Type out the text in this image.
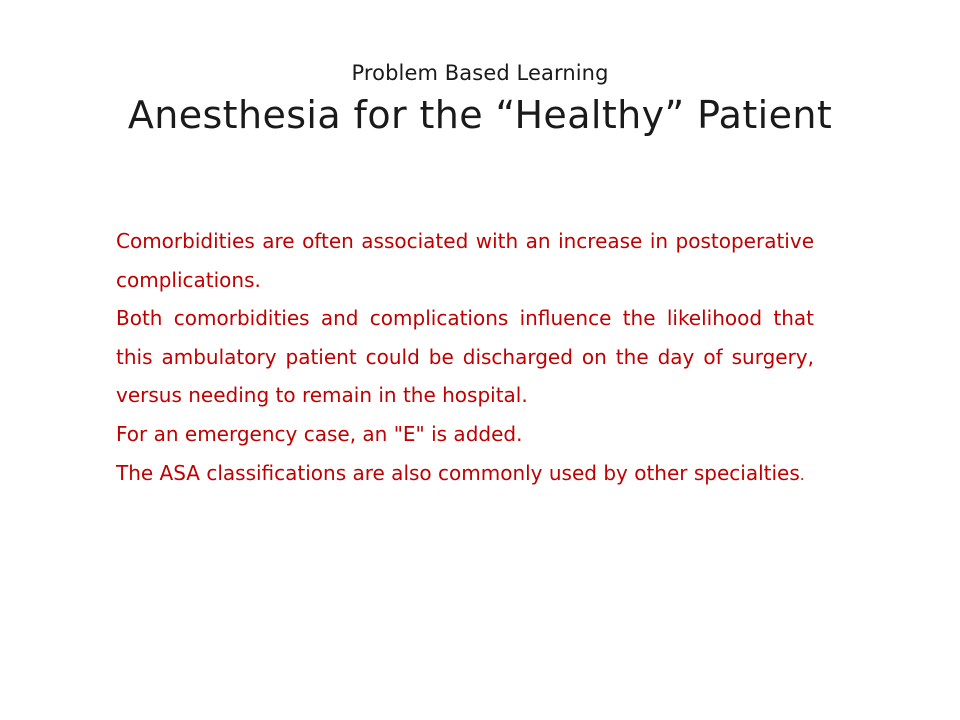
Problem Based Learning
Anesthesia for the “Healthy” Patient

Comorbidities are often associated with an increase in postoperative complications.

Both comorbidities and complications influence the likelihood that this ambulatory patient could be discharged on the day of surgery, versus needing to remain in the hospital.

For an emergency case, an "E" is added.

The ASA classifications are also commonly used by other specialties.
